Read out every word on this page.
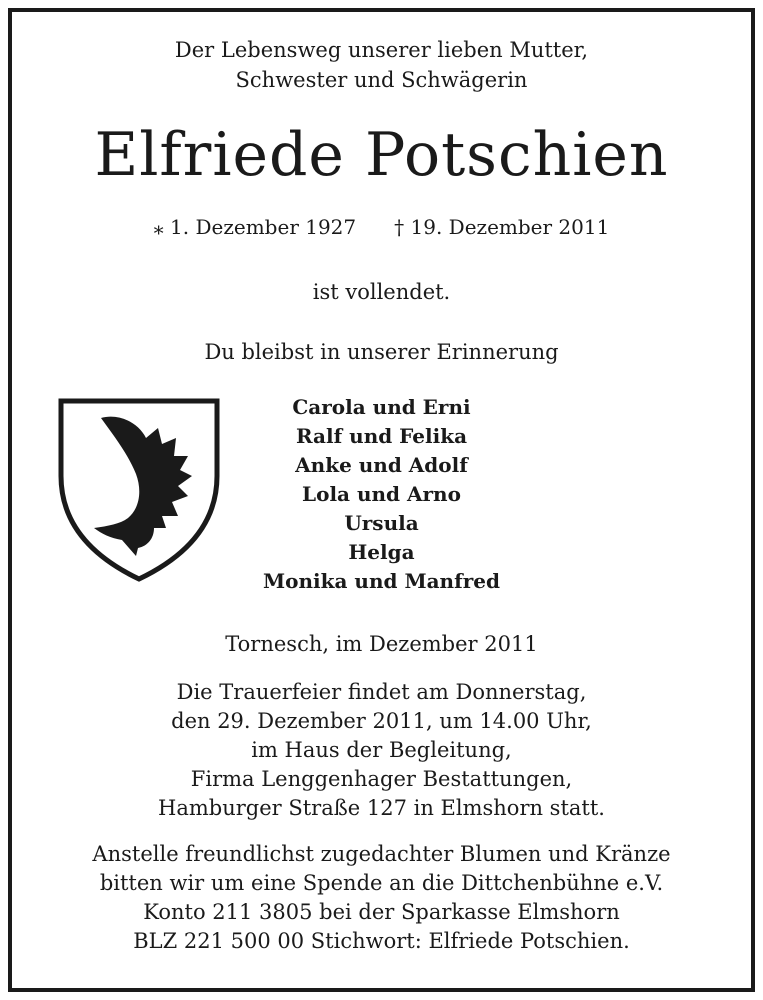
Der Lebensweg unserer lieben Mutter,
Schwester und Schwägerin
Elfriede Potschien
⁎ 1. Dezember 1927 † 19. Dezember 2011
ist vollendet.
Du bleibst in unserer Erinnerung
Carola und Erni
Ralf und Felika
Anke und Adolf
Lola und Arno
Ursula
Helga
Monika und Manfred
Tornesch, im Dezember 2011
Die Trauerfeier findet am Donnerstag,
den 29. Dezember 2011, um 14.00 Uhr,
im Haus der Begleitung,
Firma Lenggenhager Bestattungen,
Hamburger Straße 127 in Elmshorn statt.
Anstelle freundlichst zugedachter Blumen und Kränze
bitten wir um eine Spende an die Dittchenbühne e.V.
Konto 211 3805 bei der Sparkasse Elmshorn
BLZ 221 500 00 Stichwort: Elfriede Potschien.
